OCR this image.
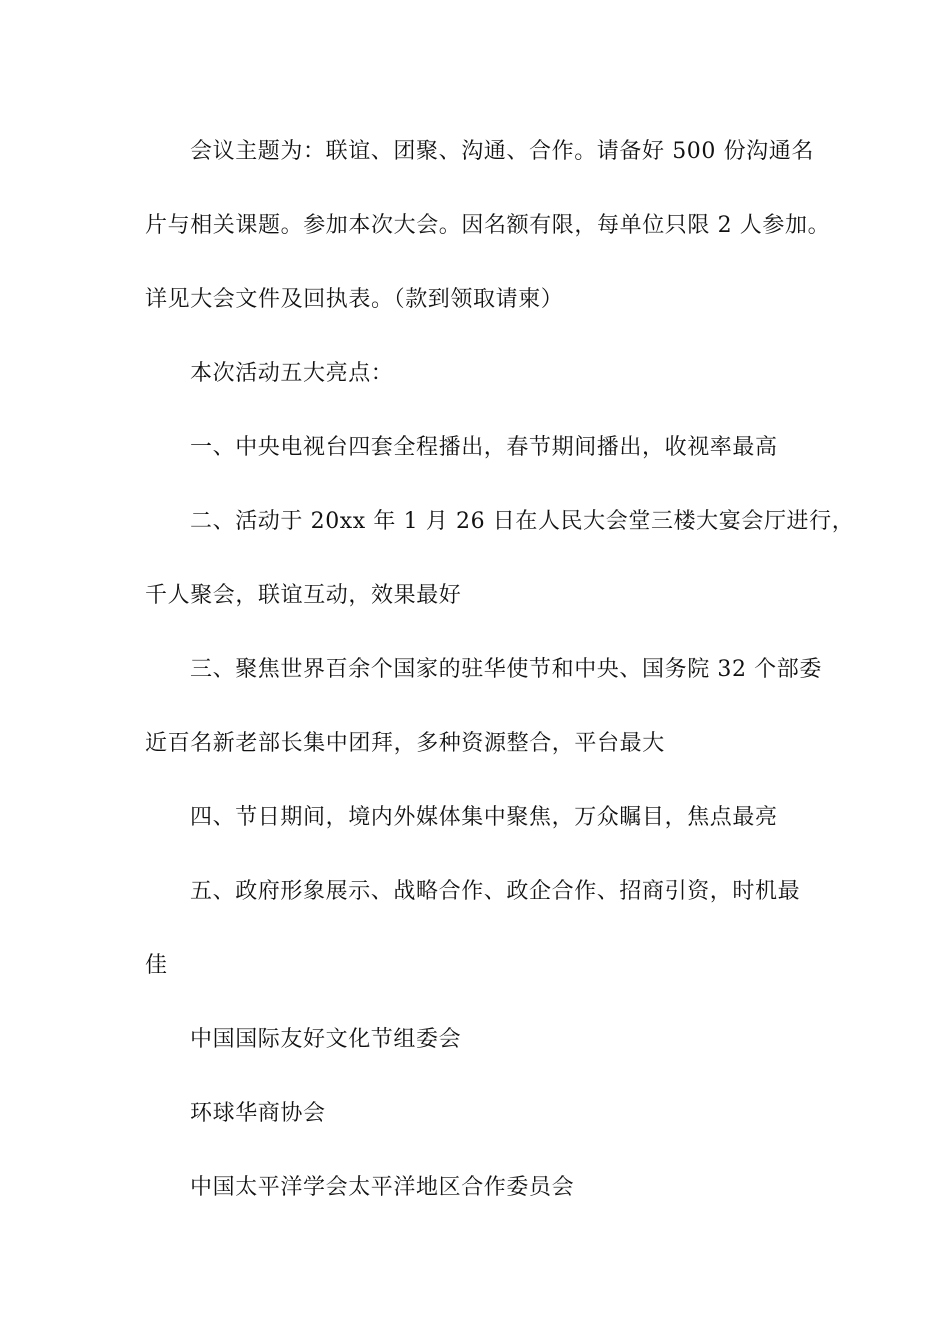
会议主题为：联谊、团聚、沟通、合作。请备好 500 份沟通名
片与相关课题。参加本次大会。因名额有限，每单位只限 2 人参加。
详见大会文件及回执表。（款到领取请柬）
本次活动五大亮点：
一、中央电视台四套全程播出，春节期间播出，收视率最高
二、活动于 20xx 年 1 月 26 日在人民大会堂三楼大宴会厅进行，
千人聚会，联谊互动，效果最好
三、聚焦世界百余个国家的驻华使节和中央、国务院 32 个部委
近百名新老部长集中团拜，多种资源整合，平台最大
四、节日期间，境内外媒体集中聚焦，万众瞩目，焦点最亮
五、政府形象展示、战略合作、政企合作、招商引资，时机最
佳
中国国际友好文化节组委会
环球华商协会
中国太平洋学会太平洋地区合作委员会
